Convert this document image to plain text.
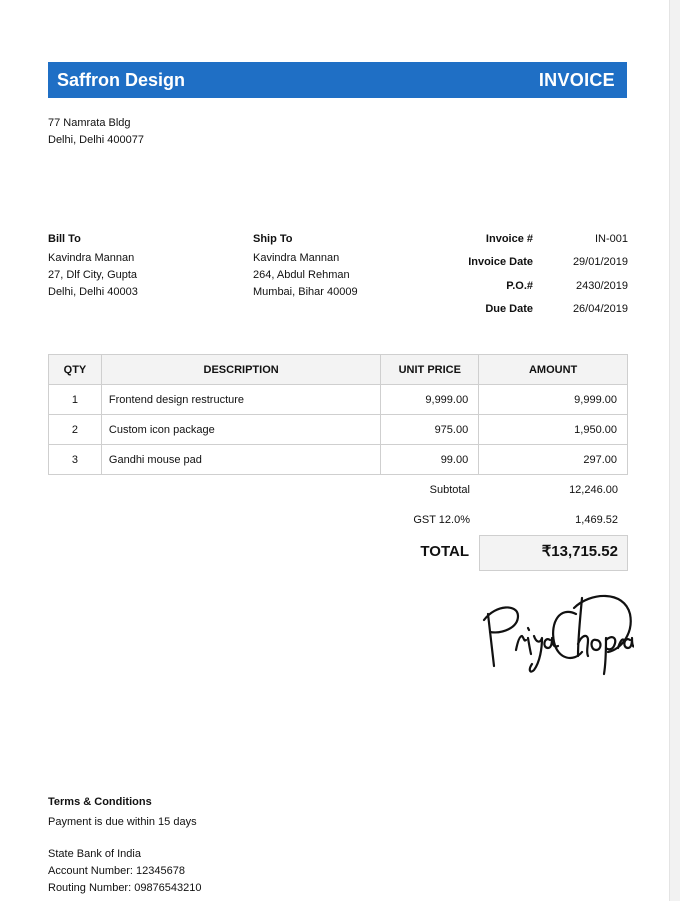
Saffron Design	INVOICE
77 Namrata Bldg
Delhi, Delhi 400077
Bill To
Kavindra Mannan
27, Dlf City, Gupta
Delhi, Delhi 40003
Ship To
Kavindra Mannan
264, Abdul Rehman
Mumbai, Bihar 40009
Invoice #	IN-001
Invoice Date	29/01/2019
P.O.#	2430/2019
Due Date	26/04/2019
QTY	DESCRIPTION	UNIT PRICE	AMOUNT
1	Frontend design restructure	9,999.00	9,999.00
2	Custom icon package	975.00	1,950.00
3	Gandhi mouse pad	99.00	297.00
Subtotal	12,246.00
GST 12.0%	1,469.52
TOTAL	₹13,715.52
Terms & Conditions
Payment is due within 15 days
State Bank of India
Account Number: 12345678
Routing Number: 09876543210
